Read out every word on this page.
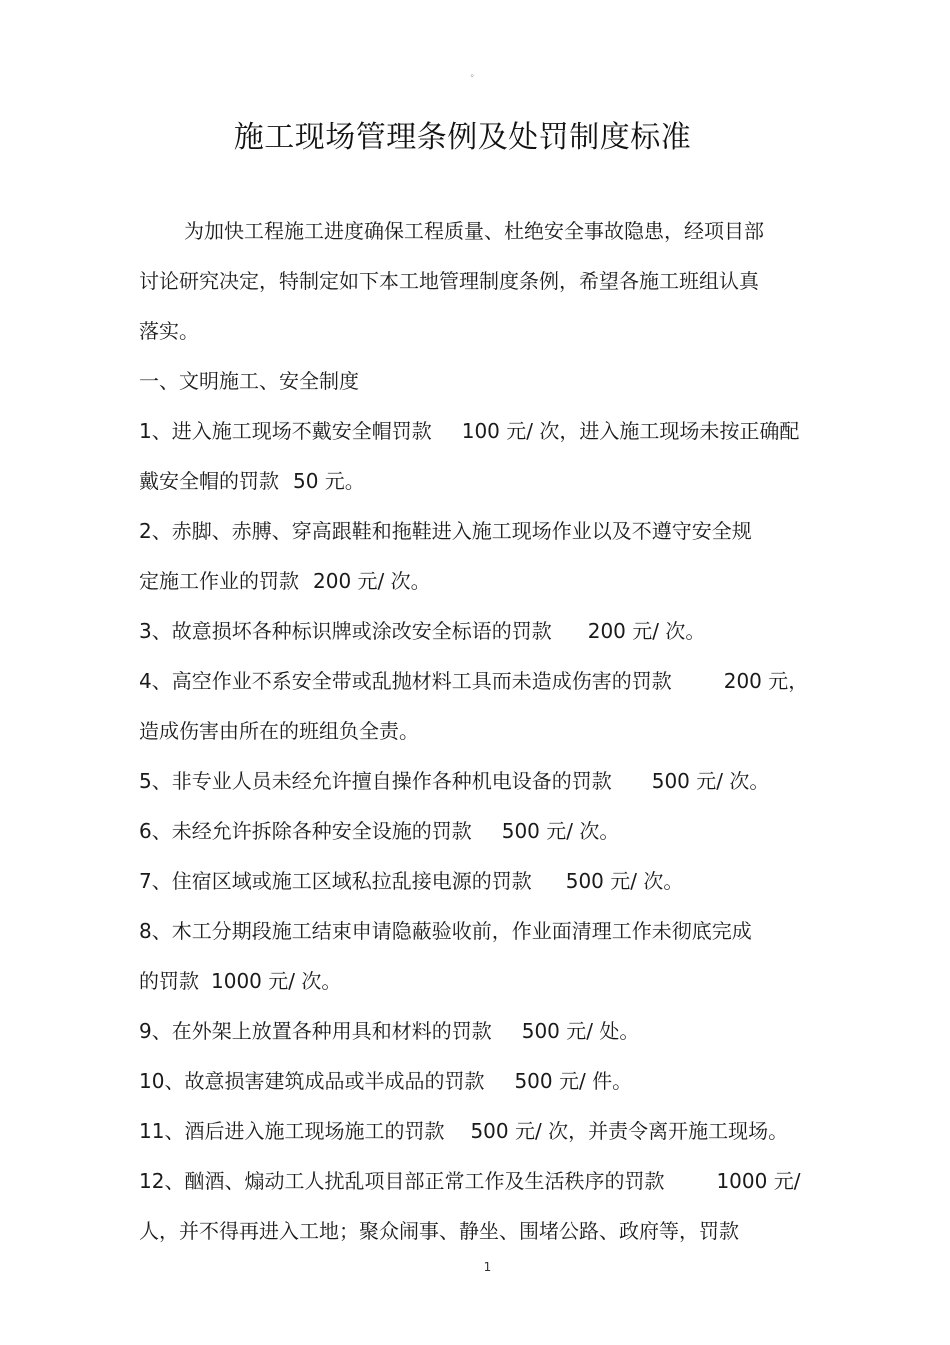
。
施工现场管理条例及处罚制度标准
为加快工程施工进度确保工程质量、杜绝安全事故隐患，经项目部
讨论研究决定，特制定如下本工地管理制度条例，希望各施工班组认真
落实。
一、文明施工、安全制度
1、进入施工现场不戴安全帽罚款 100 元/ 次，进入施工现场未按正确配
戴安全帽的罚款 50 元。
2、赤脚、赤膊、穿高跟鞋和拖鞋进入施工现场作业以及不遵守安全规
定施工作业的罚款 200 元/ 次。
3、故意损坏各种标识牌或涂改安全标语的罚款 200 元/ 次。
4、高空作业不系安全带或乱抛材料工具而未造成伤害的罚款	200 元，
造成伤害由所在的班组负全责。
5、非专业人员未经允许擅自操作各种机电设备的罚款 500 元/ 次。
6、未经允许拆除各种安全设施的罚款 500 元/ 次。
7、住宿区域或施工区域私拉乱接电源的罚款 500 元/ 次。
8、木工分期段施工结束申请隐蔽验收前，作业面清理工作未彻底完成
的罚款 1000 元/ 次。
9、在外架上放置各种用具和材料的罚款 500 元/ 处。
10、故意损害建筑成品或半成品的罚款 500 元/ 件。
11、酒后进入施工现场施工的罚款 500 元/ 次，并责令离开施工现场。
12、酗酒、煽动工人扰乱项目部正常工作及生活秩序的罚款	1000 元/
人，并不得再进入工地；聚众闹事、静坐、围堵公路、政府等，罚款
1
